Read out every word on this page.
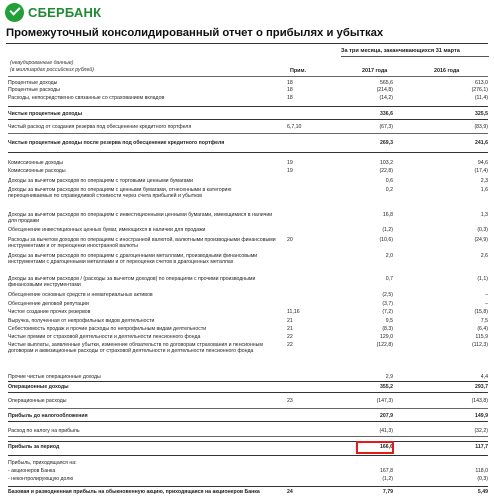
СБЕРБАНК
Промежуточный консолидированный отчет о прибылях и убытках
За три месяца, заканчивающихся 31 марта
(неаудированные данные)
(в миллиардах российских рублей)	Прим.	2017 года	2016 года
Процентные доходы	18	565,6	613,0
Процентные расходы	18	(214,8)	(276,1)
Расходы, непосредственно связанные со страхованием вкладов	18	(14,2)	(11,4)
Чистые процентные доходы	336,6	325,5
Чистый расход от создания резерва под обесценение кредитного портфеля	6,7,10	(67,3)	(83,9)
Чистые процентные доходы после резерва под обесценение кредитного портфеля	269,3	241,6
Комиссионные доходы	19	103,2	94,6
Комиссионные расходы	19	(22,8)	(17,4)
Доходы за вычетом расходов по операциям с торговыми ценными бумагами	0,6	2,3
Доходы за вычетом расходов по операциям с ценными бумагами, отнесенными в категорию переоцениваемых по справедливой стоимости через счета прибылей и убытков
0,2	1,6
Доходы за вычетом расходов по операциям с инвестиционными ценными бумагами, имеющимися в наличии для продажи
16,8	1,3
Обесценение инвестиционных ценных бумаг, имеющихся в наличии для продажи	(1,2)	(0,3)
Расходы за вычетом доходов по операциям с иностранной валютой, валютными производными финансовыми инструментами и от переоценки иностранной валюты
20	(10,6)	(24,9)
Доходы за вычетом расходов по операциям с драгоценными металлами, производными финансовыми инструментами с драгоценными металлами и от переоценки счетов в драгоценных металлах
2,0	2,6
Доходы за вычетом расходов / (расходы за вычетом доходов) по операциям с прочими производными финансовыми инструментами
0,7	(1,1)
Обесценение основных средств и нематериальных активов	(2,5)	–
Обесценение деловой репутации	(3,7)	–
Чистое создание прочих резервов	11,16	(7,2)	(15,8)
Выручка, полученная от непрофильных видов деятельности	21	9,5	7,5
Себестоимость продаж и прочие расходы по непрофильным видам деятельности	21	(8,3)	(6,4)
Чистые премии от страховой деятельности и деятельности пенсионного фонда	22	129,0	115,9
Чистые выплаты, заявленные убытки, изменение обязательств по договорам страхования и пенсионным договорам и аквизиционные расходы от страховой деятельности и деятельности пенсионного фонда
22	(122,8)	(112,3)
Прочие чистые операционные доходы	2,9	4,4
Операционные доходы	355,2	293,7
Операционные расходы	23	(147,3)	(143,8)
Прибыль до налогообложения	207,9	149,9
Расход по налогу на прибыль	(41,3)	(32,2)
Прибыль за период	166,6	117,7
Прибыль, приходящаяся на:
- акционеров Банка	167,8	118,0
- неконтролирующую долю	(1,2)	(0,3)
Базовая и разводненная прибыль на обыкновенную акцию, приходящаяся на акционеров Банка	24	7,79	5,49
